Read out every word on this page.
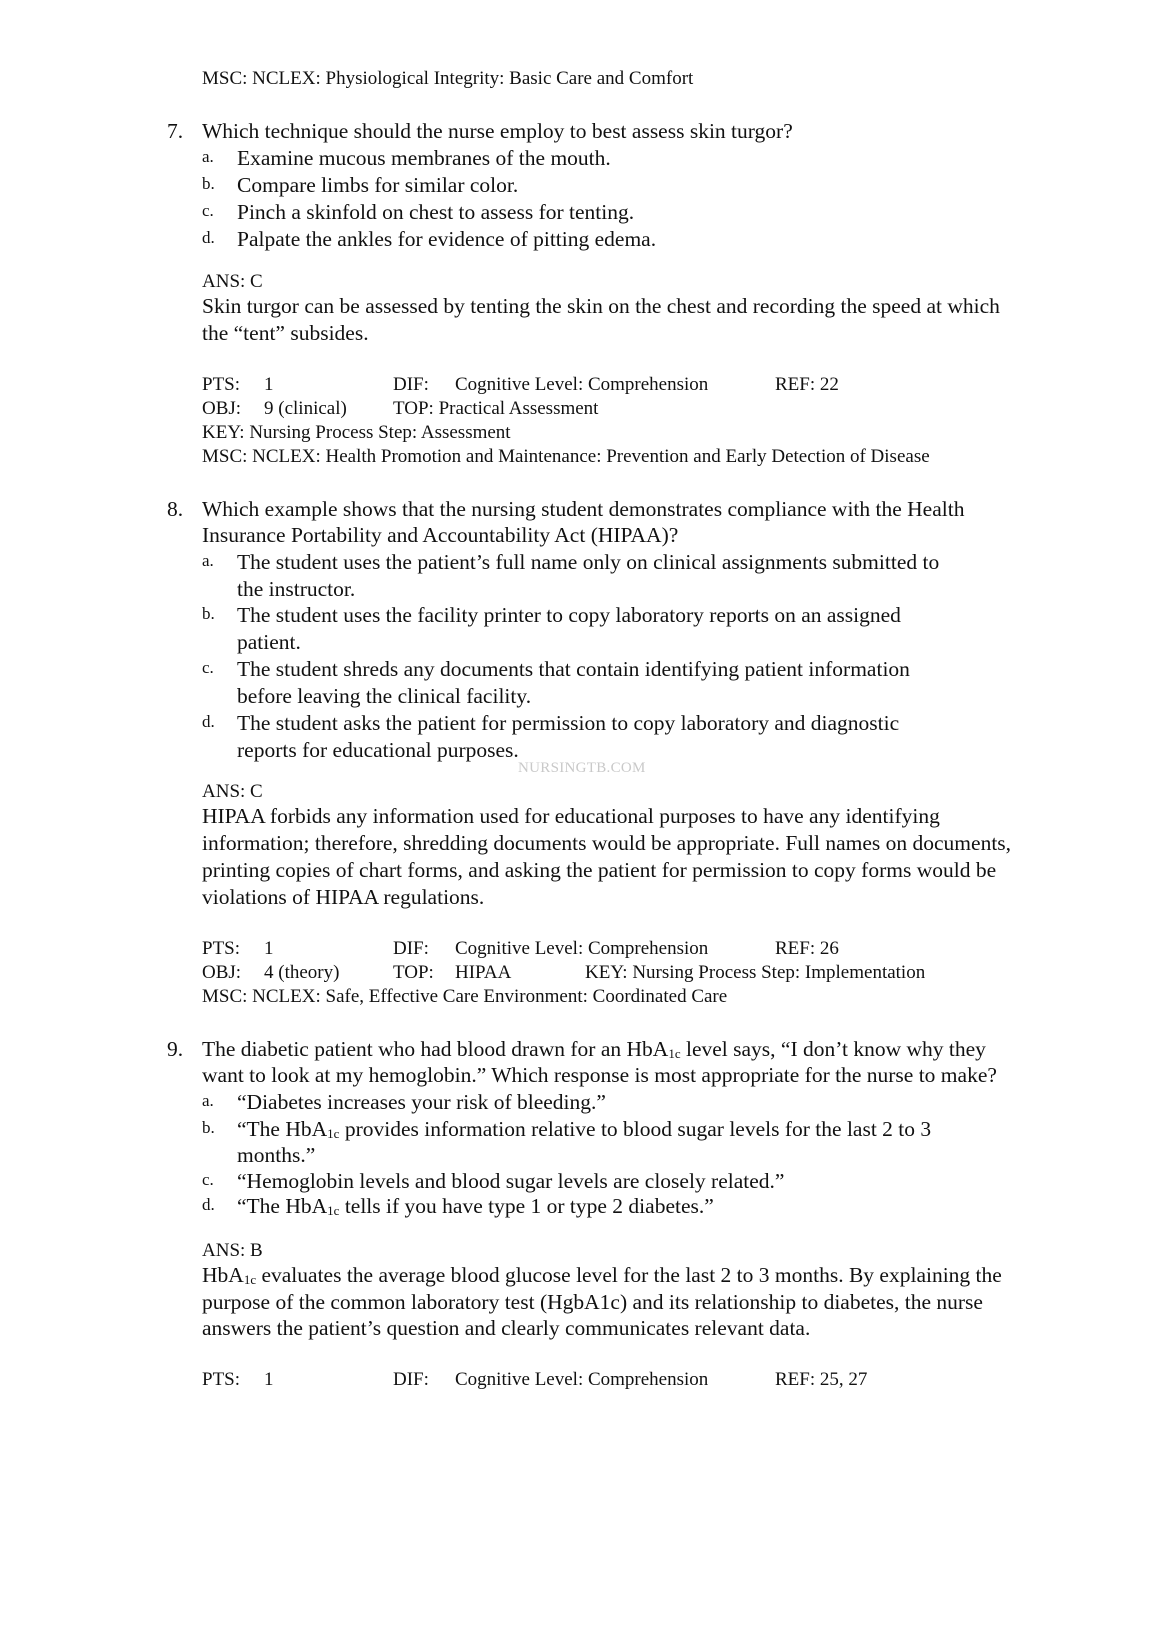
MSC: NCLEX: Physiological Integrity: Basic Care and Comfort
7. Which technique should the nurse employ to best assess skin turgor?
a. Examine mucous membranes of the mouth.
b. Compare limbs for similar color.
c. Pinch a skinfold on chest to assess for tenting.
d. Palpate the ankles for evidence of pitting edema.
ANS: C
Skin turgor can be assessed by tenting the skin on the chest and recording the speed at which
the “tent” subsides.
PTS: 1	DIF: Cognitive Level: Comprehension	REF: 22
OBJ: 9 (clinical) TOP: Practical Assessment
KEY: Nursing Process Step: Assessment
MSC: NCLEX: Health Promotion and Maintenance: Prevention and Early Detection of Disease
8. Which example shows that the nursing student demonstrates compliance with the Health
Insurance Portability and Accountability Act (HIPAA)?
a. The student uses the patient’s full name only on clinical assignments submitted to
the instructor.
b. The student uses the facility printer to copy laboratory reports on an assigned
patient.
c. The student shreds any documents that contain identifying patient information
before leaving the clinical facility.
d. The student asks the patient for permission to copy laboratory and diagnostic
reports for educational purposes.
NURSINGTB.COM
ANS: C
HIPAA forbids any information used for educational purposes to have any identifying
information; therefore, shredding documents would be appropriate. Full names on documents,
printing copies of chart forms, and asking the patient for permission to copy forms would be
violations of HIPAA regulations.
PTS: 1	DIF: Cognitive Level: Comprehension	REF: 26
OBJ: 4 (theory)	TOP: HIPAA	KEY: Nursing Process Step: Implementation
MSC: NCLEX: Safe, Effective Care Environment: Coordinated Care
9. The diabetic patient who had blood drawn for an HbA$_{1c}$ level says, “I don’t know why they
want to look at my hemoglobin.” Which response is most appropriate for the nurse to make?
a. “Diabetes increases your risk of bleeding.”
b. “The HbA$_{1c}$ provides information relative to blood sugar levels for the last 2 to 3
months.”
c. “Hemoglobin levels and blood sugar levels are closely related.”
d. “The HbA$_{1c}$ tells if you have type 1 or type 2 diabetes.”
ANS: B
HbA$_{1c}$ evaluates the average blood glucose level for the last 2 to 3 months. By explaining the
purpose of the common laboratory test (HgbA1c) and its relationship to diabetes, the nurse
answers the patient’s question and clearly communicates relevant data.
PTS: 1	DIF: Cognitive Level: Comprehension	REF: 25, 27
